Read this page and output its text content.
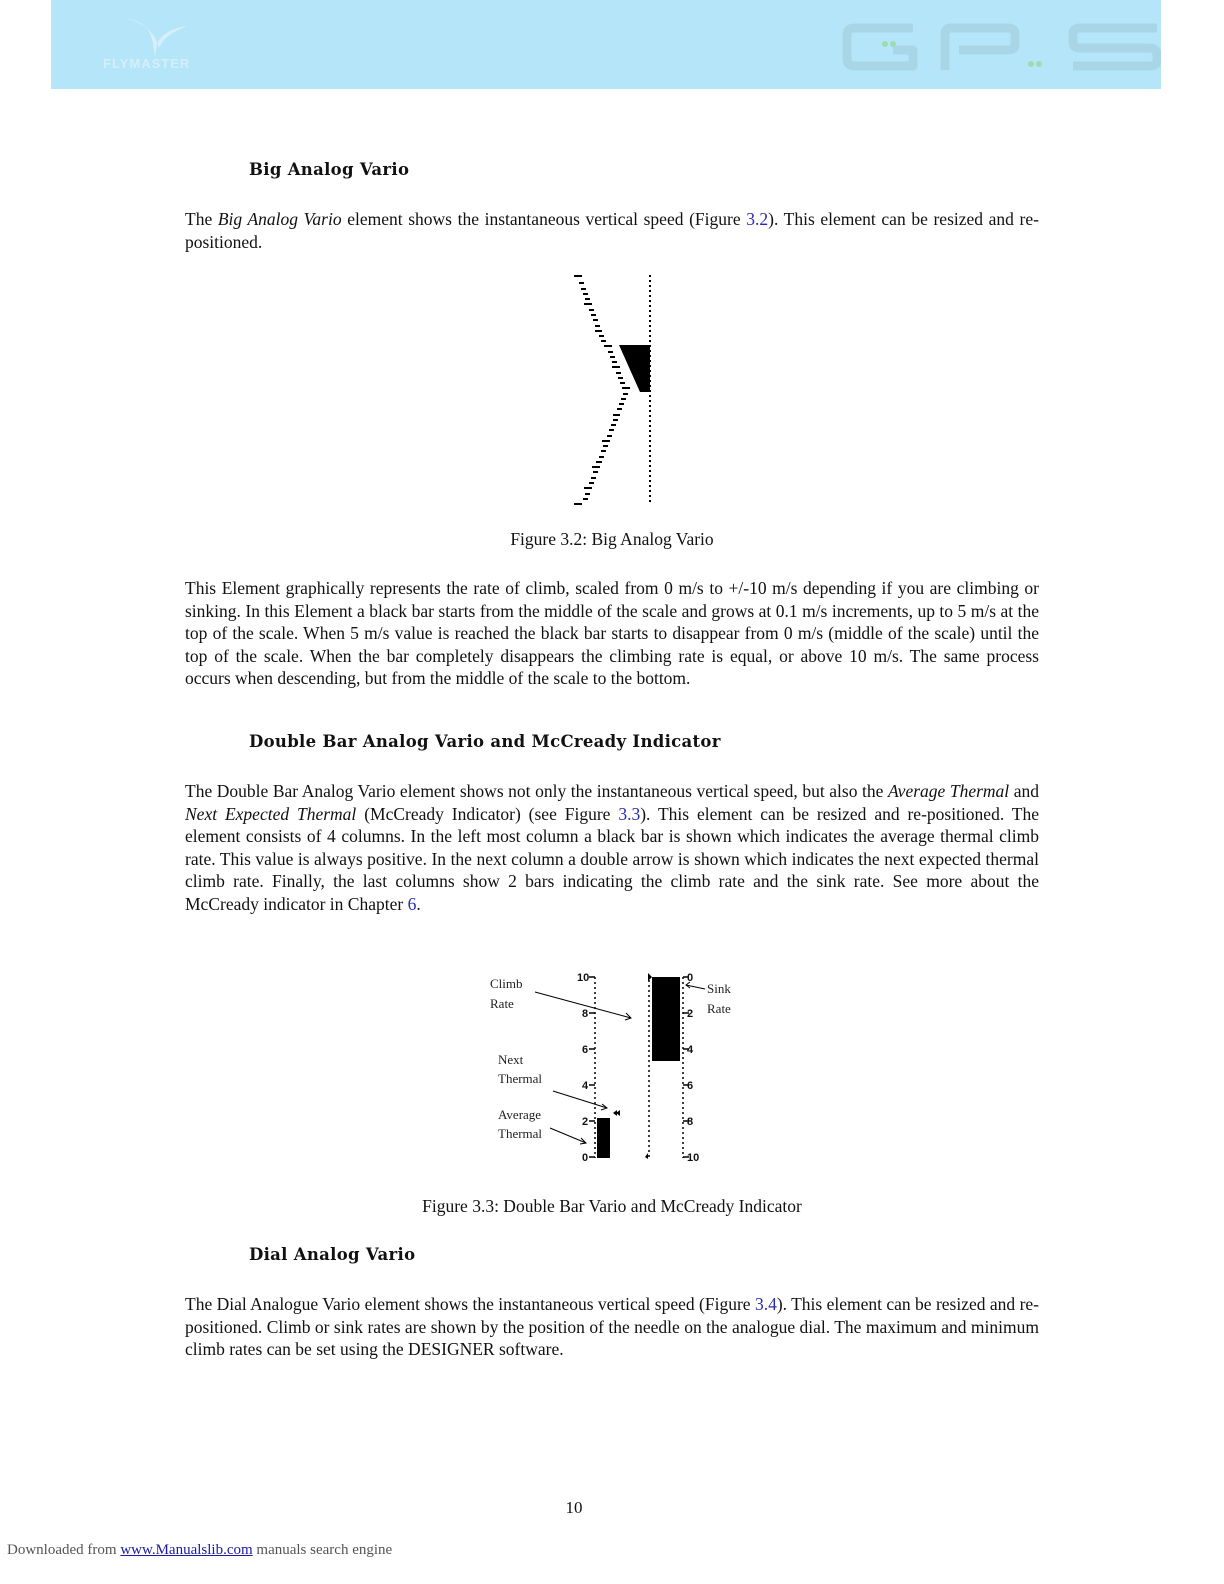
FLYMASTER
Big Analog Vario
The Big Analog Vario element shows the instantaneous vertical speed (Figure 3.2). This element can be resized and re-positioned.
Figure 3.2: Big Analog Vario
This Element graphically represents the rate of climb, scaled from 0 m/s to +/-10 m/s depending if you are climbing or sinking. In this Element a black bar starts from the middle of the scale and grows at 0.1 m/s increments, up to 5 m/s at the top of the scale. When 5 m/s value is reached the black bar starts to disappear from 0 m/s (middle of the scale) until the top of the scale. When the bar completely disappears the climbing rate is equal, or above 10 m/s. The same process occurs when descending, but from the middle of the scale to the bottom.
Double Bar Analog Vario and McCready Indicator
The Double Bar Analog Vario element shows not only the instantaneous vertical speed, but also the Average Thermal and Next Expected Thermal (McCready Indicator) (see Figure 3.3). This element can be resized and re-positioned. The element consists of 4 columns. In the left most column a black bar is shown which indicates the average thermal climb rate. This value is always positive. In the next column a double arrow is shown which indicates the next expected thermal climb rate. Finally, the last columns show 2 bars indicating the climb rate and the sink rate. See more about the McCready indicator in Chapter 6.
10
8
6
4
2
0
0
2
4
6
8
10
Climb
Rate
Sink
Rate
Next
Thermal
Average
Thermal
Figure 3.3: Double Bar Vario and McCready Indicator
Dial Analog Vario
The Dial Analogue Vario element shows the instantaneous vertical speed (Figure 3.4). This element can be resized and re-positioned. Climb or sink rates are shown by the position of the needle on the analogue dial. The maximum and minimum climb rates can be set using the DESIGNER software.
10
Downloaded from www.Manualslib.com manuals search engine
